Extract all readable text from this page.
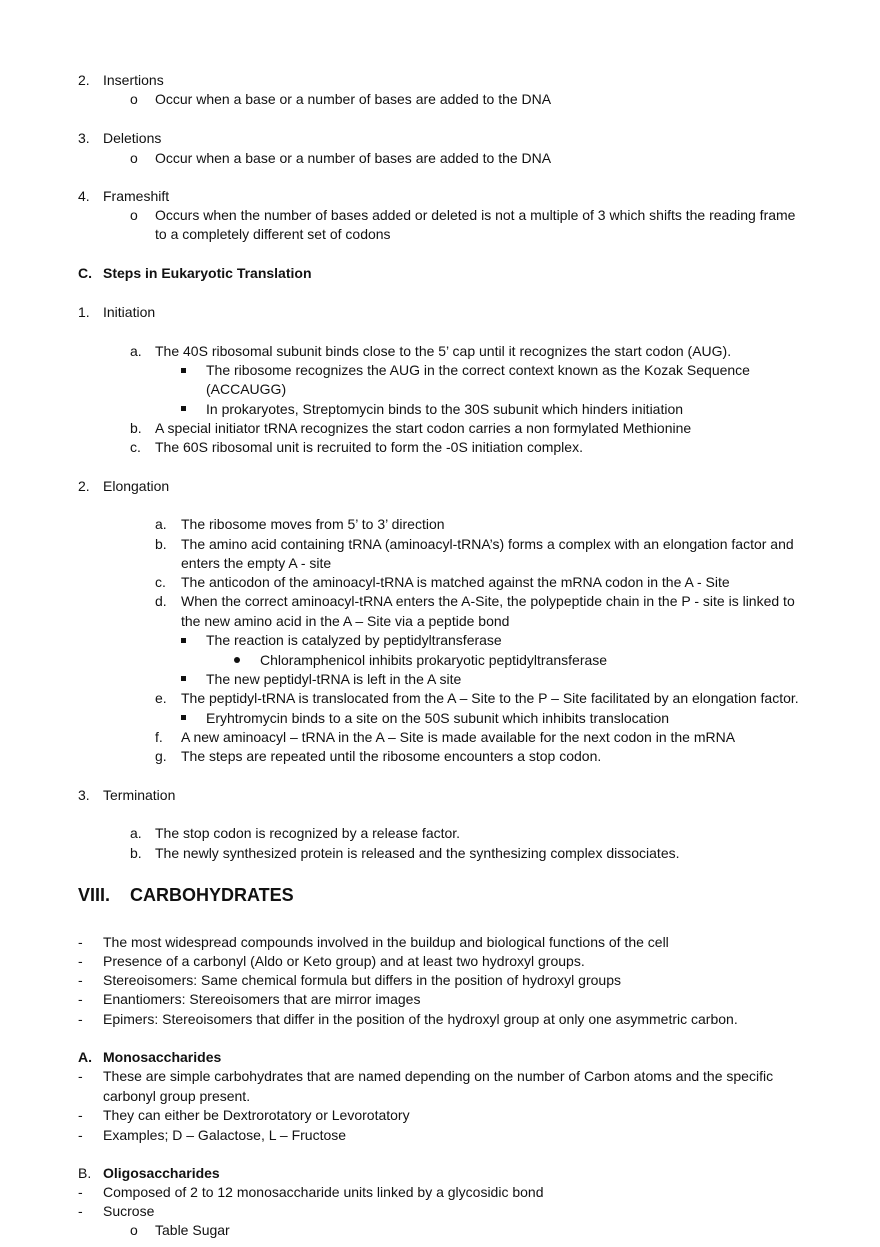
2. Insertions
o Occur when a base or a number of bases are added to the DNA
3. Deletions
o Occur when a base or a number of bases are added to the DNA
4. Frameshift
o Occurs when the number of bases added or deleted is not a multiple of 3 which shifts the reading frame
to a completely different set of codons
C. Steps in Eukaryotic Translation
1. Initiation
a. The 40S ribosomal subunit binds close to the 5’ cap until it recognizes the start codon (AUG).
The ribosome recognizes the AUG in the correct context known as the Kozak Sequence
(ACCAUGG)
In prokaryotes, Streptomycin binds to the 30S subunit which hinders initiation
b. A special initiator tRNA recognizes the start codon carries a non formylated Methionine
c. The 60S ribosomal unit is recruited to form the -0S initiation complex.
2. Elongation
a. The ribosome moves from 5’ to 3’ direction
b. The amino acid containing tRNA (aminoacyl-tRNA’s) forms a complex with an elongation factor and
enters the empty A - site
c. The anticodon of the aminoacyl-tRNA is matched against the mRNA codon in the A - Site
d. When the correct aminoacyl-tRNA enters the A-Site, the polypeptide chain in the P - site is linked to
the new amino acid in the A – Site via a peptide bond
The reaction is catalyzed by peptidyltransferase
Chloramphenicol inhibits prokaryotic peptidyltransferase
The new peptidyl-tRNA is left in the A site
e. The peptidyl-tRNA is translocated from the A – Site to the P – Site facilitated by an elongation factor.
Eryhtromycin binds to a site on the 50S subunit which inhibits translocation
f. A new aminoacyl – tRNA in the A – Site is made available for the next codon in the mRNA
g. The steps are repeated until the ribosome encounters a stop codon.
3. Termination
a. The stop codon is recognized by a release factor.
b. The newly synthesized protein is released and the synthesizing complex dissociates.
VIII. CARBOHYDRATES
- The most widespread compounds involved in the buildup and biological functions of the cell
- Presence of a carbonyl (Aldo or Keto group) and at least two hydroxyl groups.
- Stereoisomers: Same chemical formula but differs in the position of hydroxyl groups
- Enantiomers: Stereoisomers that are mirror images
- Epimers: Stereoisomers that differ in the position of the hydroxyl group at only one asymmetric carbon.
A. Monosaccharides
- These are simple carbohydrates that are named depending on the number of Carbon atoms and the specific
carbonyl group present.
- They can either be Dextrorotatory or Levorotatory
- Examples; D – Galactose, L – Fructose
B. Oligosaccharides
- Composed of 2 to 12 monosaccharide units linked by a glycosidic bond
- Sucrose
o Table Sugar
